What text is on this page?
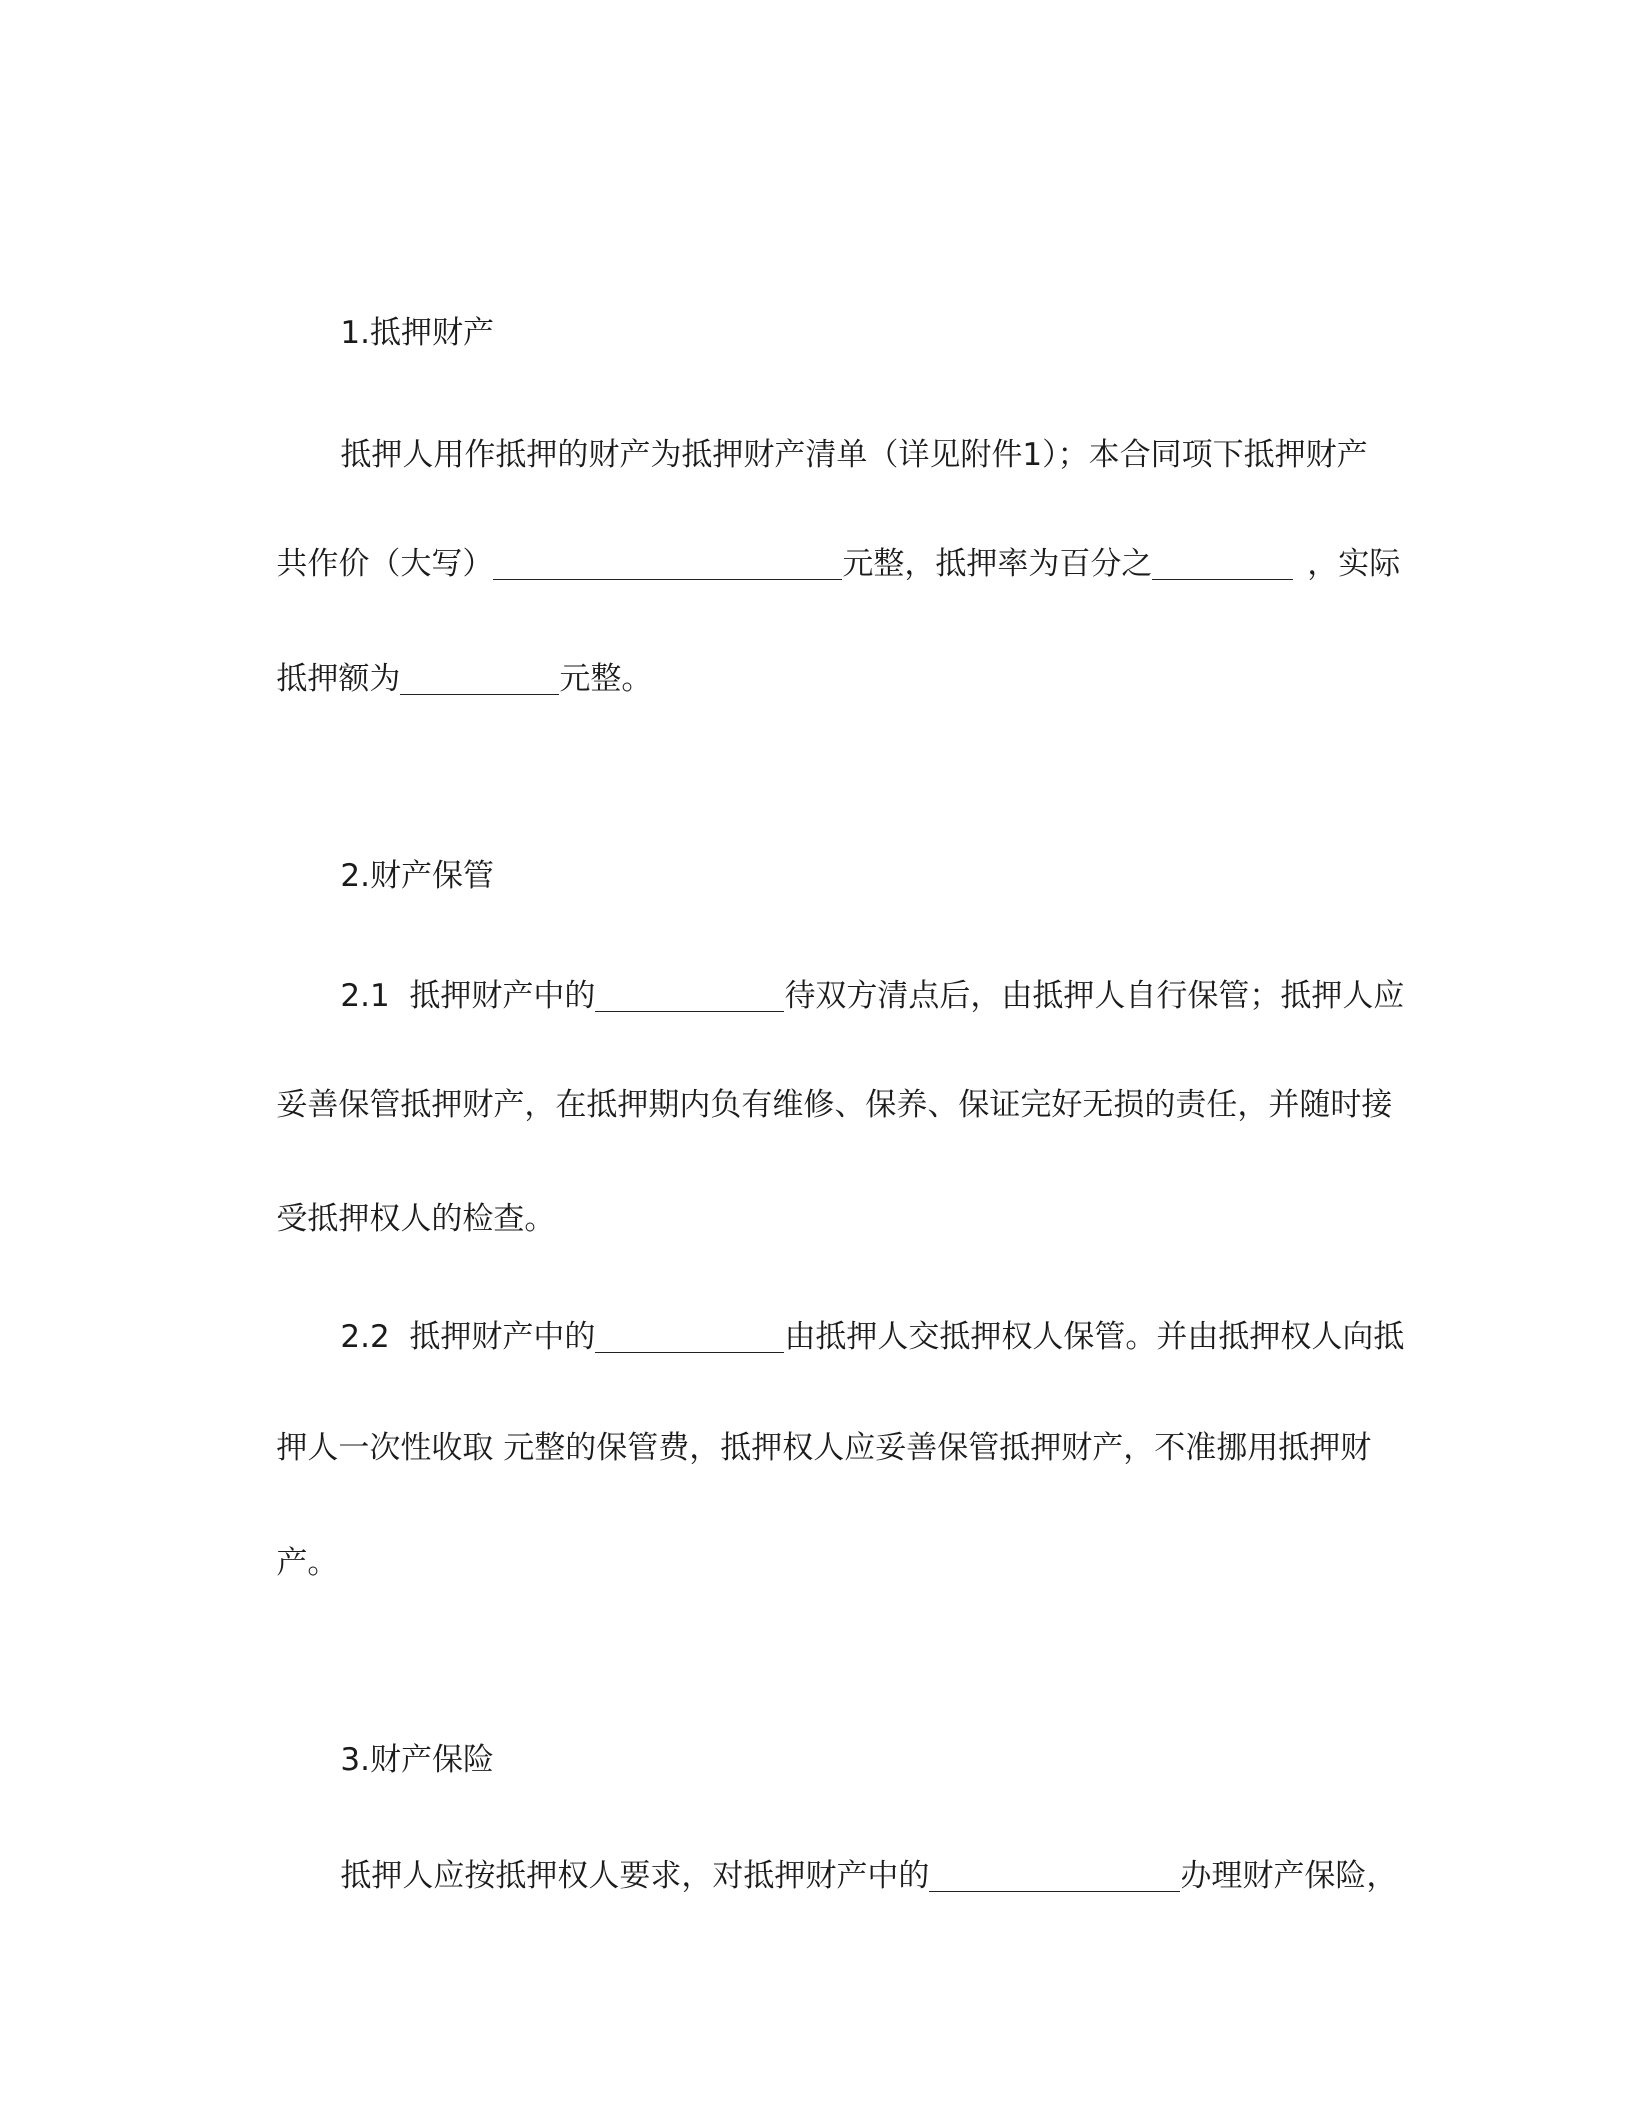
1.抵押财产

抵押人用作抵押的财产为抵押财产清单（详见附件1）；本合同项下抵押财产

共作价（大写）	元整，抵押率为百分之	，实际

抵押额为	元整。

2.财产保管

2.1  抵押财产中的	待双方清点后，由抵押人自行保管；抵押人应

妥善保管抵押财产，在抵押期内负有维修、保养、保证完好无损的责任，并随时接

受抵押权人的检查。

2.2  抵押财产中的	由抵押人交抵押权人保管。并由抵押权人向抵

押人一次性收取 元整的保管费，抵押权人应妥善保管抵押财产，不准挪用抵押财

产。

3.财产保险

抵押人应按抵押权人要求，对抵押财产中的	办理财产保险，
